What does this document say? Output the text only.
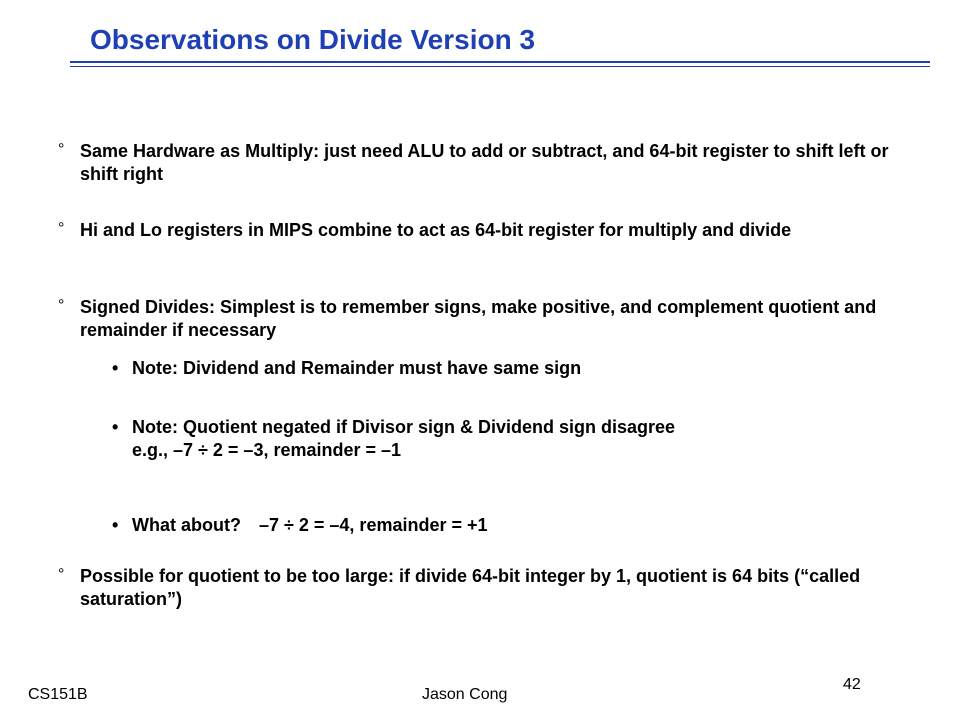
Observations on Divide Version 3
° Same Hardware as Multiply: just need ALU to add or subtract, and 64-bit register to shift left or shift right
° Hi and Lo registers in MIPS combine to act as 64-bit register for multiply and divide
° Signed Divides: Simplest is to remember signs, make positive, and complement quotient and remainder if necessary
• Note: Dividend and Remainder must have same sign
• Note: Quotient negated if Divisor sign & Dividend sign disagree
e.g., –7 ÷ 2 = –3, remainder = –1
• What about? –7 ÷ 2 = –4, remainder = +1
° Possible for quotient to be too large: if divide 64-bit integer by 1, quotient is 64 bits (“called saturation”)
CS151B	Jason Cong
42
